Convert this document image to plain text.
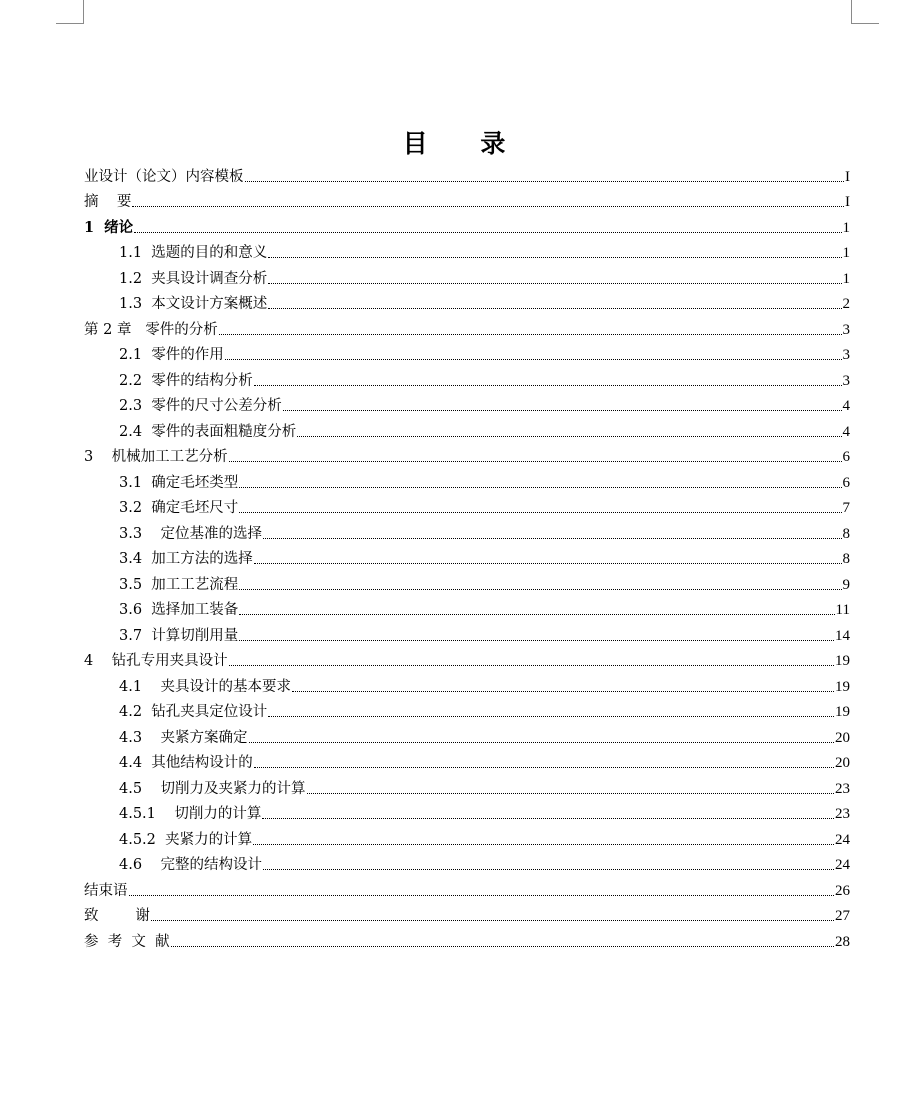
目 录
业设计（论文）内容模板	I
摘    要	I
1  绪论	1
1.1  选题的目的和意义	1
1.2  夹具设计调查分析	1
1.3  本文设计方案概述	2
第 2 章   零件的分析	3
2.1  零件的作用	3
2.2  零件的结构分析	3
2.3  零件的尺寸公差分析	4
2.4  零件的表面粗糙度分析	4
3    机械加工工艺分析	6
3.1  确定毛坯类型	6
3.2  确定毛坯尺寸	7
3.3    定位基准的选择	8
3.4  加工方法的选择	8
3.5  加工工艺流程	9
3.6  选择加工装备	11
3.7  计算切削用量	14
4    钻孔专用夹具设计	19
4.1    夹具设计的基本要求	19
4.2  钻孔夹具定位设计	19
4.3    夹紧方案确定	20
4.4  其他结构设计的	20
4.5    切削力及夹紧力的计算	23
4.5.1    切削力的计算	23
4.5.2  夹紧力的计算	24
4.6    完整的结构设计	24
结束语	26
致        谢	27
参  考  文  献	28
